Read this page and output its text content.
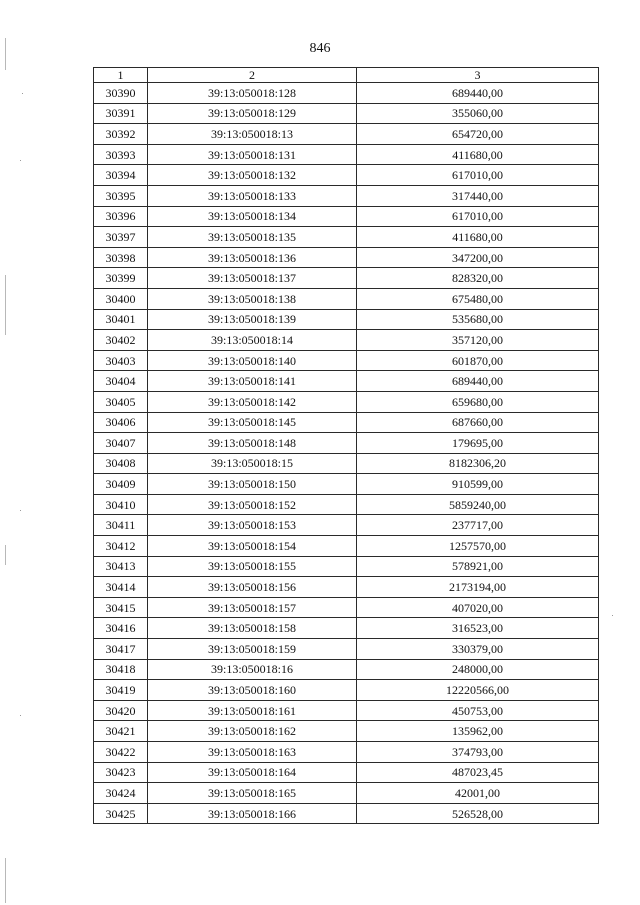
846
1	2	3
30390	39:13:050018:128	689440,00
30391	39:13:050018:129	355060,00
30392	39:13:050018:13	654720,00
30393	39:13:050018:131	411680,00
30394	39:13:050018:132	617010,00
30395	39:13:050018:133	317440,00
30396	39:13:050018:134	617010,00
30397	39:13:050018:135	411680,00
30398	39:13:050018:136	347200,00
30399	39:13:050018:137	828320,00
30400	39:13:050018:138	675480,00
30401	39:13:050018:139	535680,00
30402	39:13:050018:14	357120,00
30403	39:13:050018:140	601870,00
30404	39:13:050018:141	689440,00
30405	39:13:050018:142	659680,00
30406	39:13:050018:145	687660,00
30407	39:13:050018:148	179695,00
30408	39:13:050018:15	8182306,20
30409	39:13:050018:150	910599,00
30410	39:13:050018:152	5859240,00
30411	39:13:050018:153	237717,00
30412	39:13:050018:154	1257570,00
30413	39:13:050018:155	578921,00
30414	39:13:050018:156	2173194,00
30415	39:13:050018:157	407020,00
30416	39:13:050018:158	316523,00
30417	39:13:050018:159	330379,00
30418	39:13:050018:16	248000,00
30419	39:13:050018:160	12220566,00
30420	39:13:050018:161	450753,00
30421	39:13:050018:162	135962,00
30422	39:13:050018:163	374793,00
30423	39:13:050018:164	487023,45
30424	39:13:050018:165	42001,00
30425	39:13:050018:166	526528,00
